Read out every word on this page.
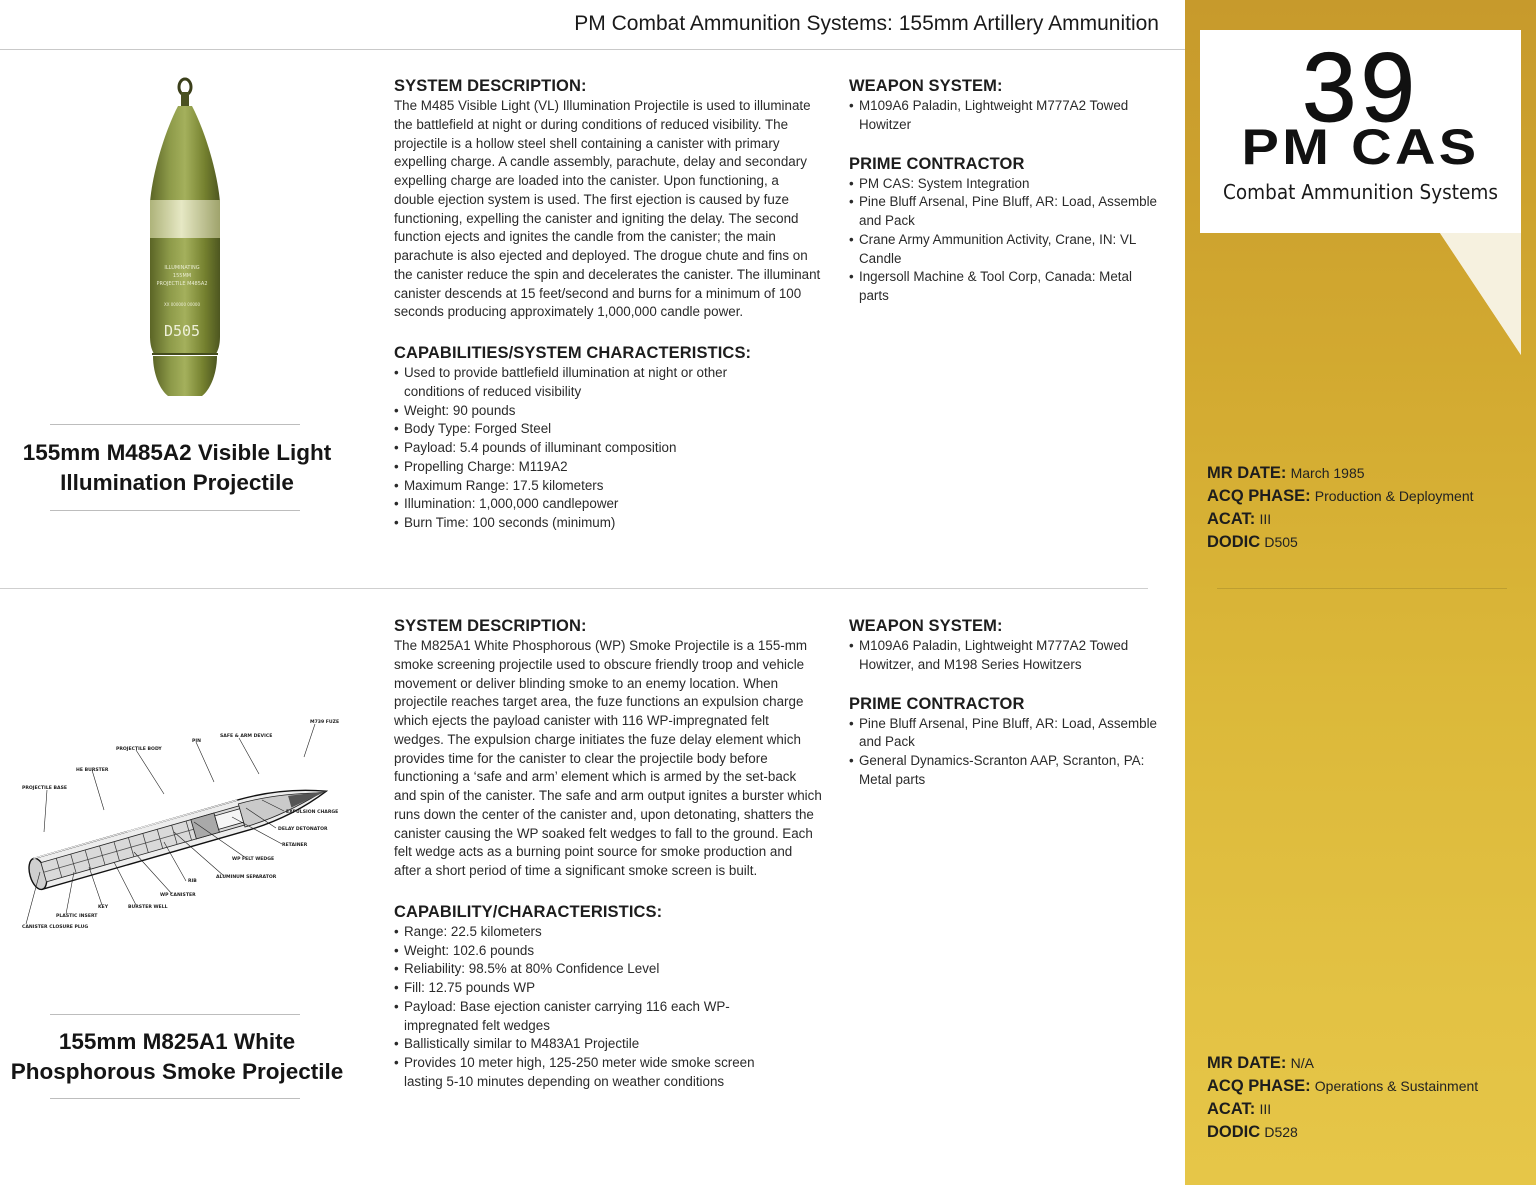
PM Combat Ammunition Systems: 155mm Artillery Ammunition
39
PM CAS
Combat Ammunition Systems
MR DATE: March 1985
ACQ PHASE: Production & Deployment
ACAT: III
DODIC D505
MR DATE: N/A
ACQ PHASE: Operations & Sustainment
ACAT: III
DODIC D528
ILLUMINATING
155MM
PROJECTILE M485A2
XX 000000 00000
D505
155mm M485A2 Visible Light
Illumination Projectile
SYSTEM DESCRIPTION:
The M485 Visible Light (VL) Illumination Projectile is used to illuminate the battlefield at night or during conditions of reduced visibility. The projectile is a hollow steel shell containing a canister with primary expelling charge. A candle assembly, parachute, delay and secondary expelling charge are loaded into the canister. Upon functioning, a double ejection system is used. The first ejection is caused by fuze functioning, expelling the canister and igniting the delay. The second function ejects and ignites the candle from the canister; the main parachute is also ejected and deployed. The drogue chute and fins on the canister reduce the spin and decelerates the canister. The illuminant canister descends at 15 feet/second and burns for a minimum of 100 seconds producing approximately 1,000,000 candle power.
CAPABILITIES/SYSTEM CHARACTERISTICS:
• Used to provide battlefield illumination at night or other conditions of reduced visibility
• Weight: 90 pounds
• Body Type: Forged Steel
• Payload: 5.4 pounds of illuminant composition
• Propelling Charge: M119A2
• Maximum Range: 17.5 kilometers
• Illumination: 1,000,000 candlepower
• Burn Time: 100 seconds (minimum)
WEAPON SYSTEM:
• M109A6 Paladin, Lightweight M777A2 Towed Howitzer
PRIME CONTRACTOR
• PM CAS: System Integration
• Pine Bluff Arsenal, Pine Bluff, AR: Load, Assemble and Pack
• Crane Army Ammunition Activity, Crane, IN: VL Candle
• Ingersoll Machine & Tool Corp, Canada: Metal parts
M739 FUZE
SAFE & ARM DEVICE
PIN
PROJECTILE BODY
HE BURSTER
PROJECTILE BASE
EXPULSION CHARGE
DELAY DETONATOR
RETAINER
WP FELT WEDGE
ALUMINUM SEPARATOR
RIB
WP CANISTER
BURSTER WELL
KEY
PLASTIC INSERT
CANISTER CLOSURE PLUG
155mm M825A1 White
Phosphorous Smoke Projectile
SYSTEM DESCRIPTION:
The M825A1 White Phosphorous (WP) Smoke Projectile is a 155-mm smoke screening projectile used to obscure friendly troop and vehicle movement or deliver blinding smoke to an enemy location. When projectile reaches target area, the fuze functions an expulsion charge which ejects the payload canister with 116 WP-impregnated felt wedges. The expulsion charge initiates the fuze delay element which provides time for the canister to clear the projectile body before functioning a ‘safe and arm’ element which is armed by the set-back and spin of the canister. The safe and arm output ignites a burster which runs down the center of the canister and, upon detonating, shatters the canister causing the WP soaked felt wedges to fall to the ground. Each felt wedge acts as a burning point source for smoke production and after a short period of time a significant smoke screen is built.
CAPABILITY/CHARACTERISTICS:
• Range: 22.5 kilometers
• Weight: 102.6 pounds
• Reliability: 98.5% at 80% Confidence Level
• Fill: 12.75 pounds WP
• Payload: Base ejection canister carrying 116 each WP-impregnated felt wedges
• Ballistically similar to M483A1 Projectile
• Provides 10 meter high, 125-250 meter wide smoke screen lasting 5-10 minutes depending on weather conditions
WEAPON SYSTEM:
• M109A6 Paladin, Lightweight M777A2 Towed Howitzer, and M198 Series Howitzers
PRIME CONTRACTOR
• Pine Bluff Arsenal, Pine Bluff, AR: Load, Assemble and Pack
• General Dynamics-Scranton AAP, Scranton, PA: Metal parts
